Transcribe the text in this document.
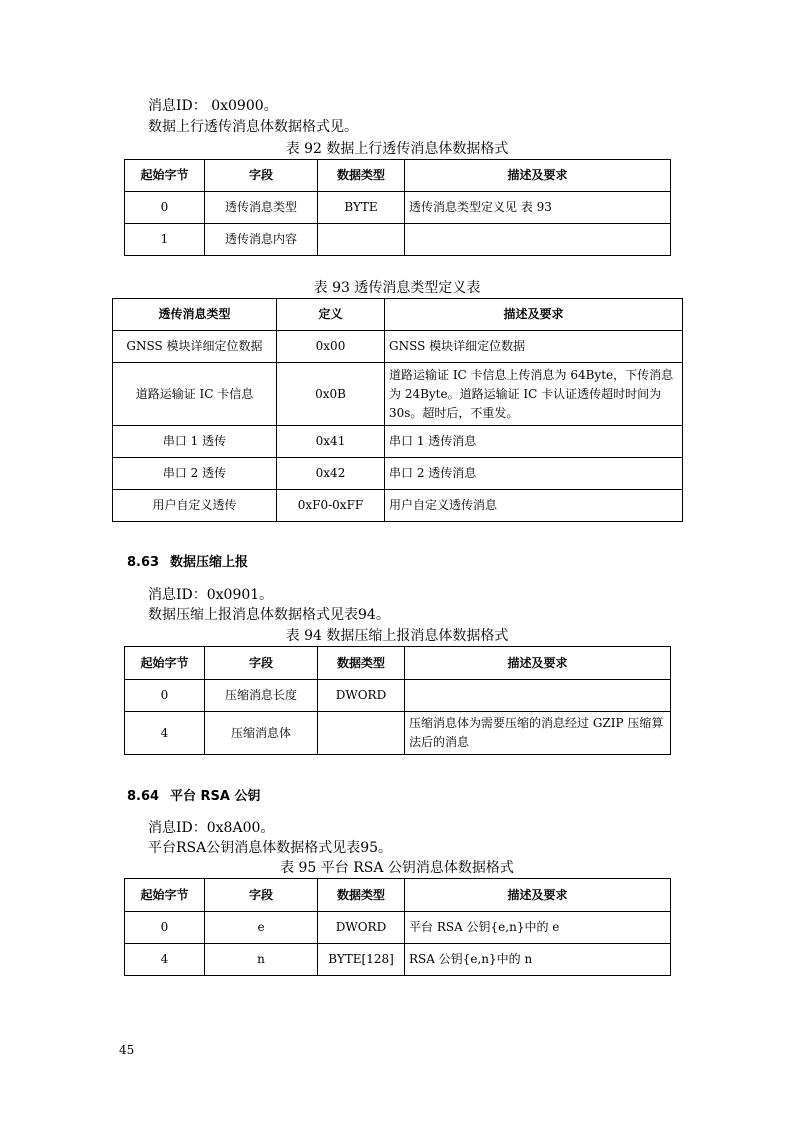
消息ID： 0x0900。
数据上行透传消息体数据格式见。
表 92 数据上行透传消息体数据格式
起始字节	字段	数据类型	描述及要求
0	透传消息类型	BYTE	透传消息类型定义见 表 93
1	透传消息内容		
表 93 透传消息类型定义表
透传消息类型	定义	描述及要求
GNSS 模块详细定位数据	0x00	GNSS 模块详细定位数据
道路运输证 IC 卡信息	0x0B	道路运输证 IC 卡信息上传消息为 64Byte，下传消息为 24Byte。道路运输证 IC 卡认证透传超时时间为 30s。超时后，不重发。
串口 1 透传	0x41	串口 1 透传消息
串口 2 透传	0x42	串口 2 透传消息
用户自定义透传	0xF0-0xFF	用户自定义透传消息
8.63 数据压缩上报
消息ID：0x0901。
数据压缩上报消息体数据格式见表94。
表 94 数据压缩上报消息体数据格式
起始字节	字段	数据类型	描述及要求
0	压缩消息长度	DWORD	
4	压缩消息体		压缩消息体为需要压缩的消息经过 GZIP 压缩算法后的消息
8.64 平台 RSA 公钥
消息ID：0x8A00。
平台RSA公钥消息体数据格式见表95。
表 95 平台 RSA 公钥消息体数据格式
起始字节	字段	数据类型	描述及要求
0	e	DWORD	平台 RSA 公钥{e,n}中的 e
4	n	BYTE[128]	RSA 公钥{e,n}中的 n
45
